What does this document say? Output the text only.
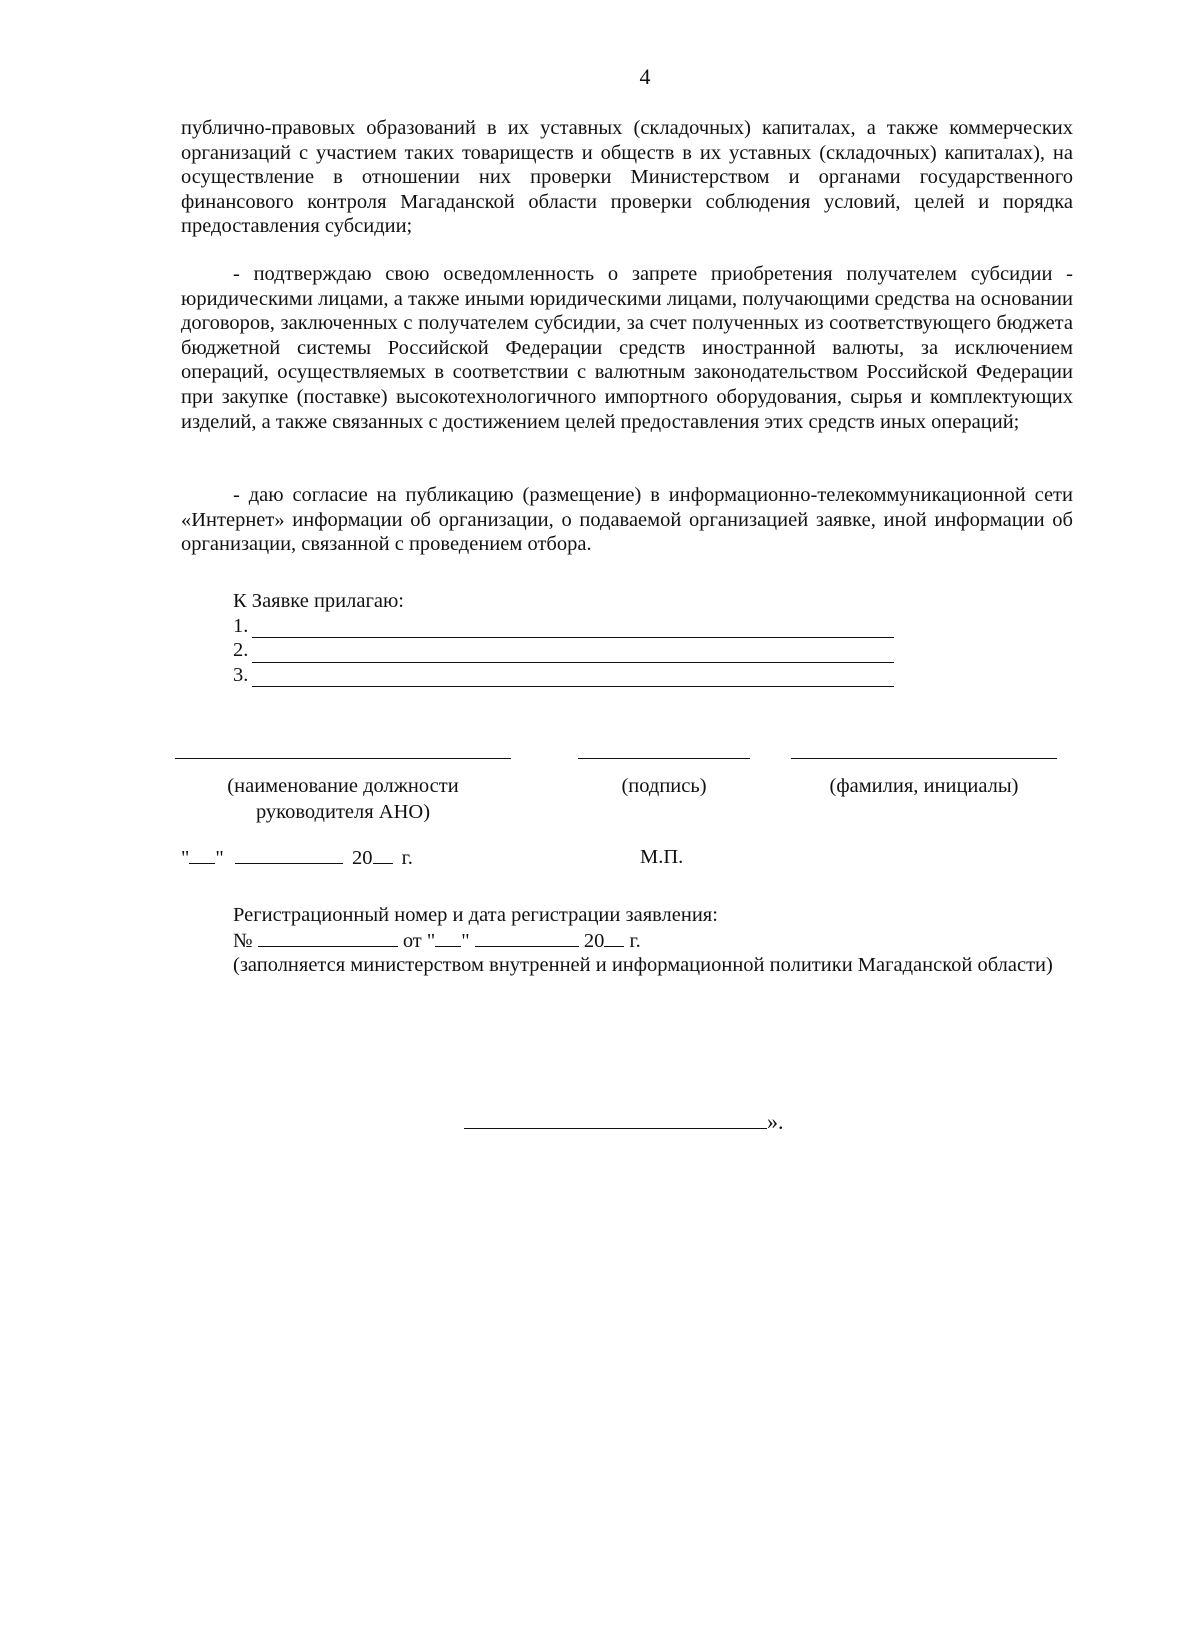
4

публично-правовых образований в их уставных (складочных) капиталах, а также коммерческих организаций с участием таких товариществ и обществ в их уставных (складочных) капиталах), на осуществление в отношении них проверки Министерством и органами государственного финансового контроля Магаданской области проверки соблюдения условий, целей и порядка предоставления субсидии;

- подтверждаю свою осведомленность о запрете приобретения получателем субсидии - юридическими лицами, а также иными юридическими лицами, получающими средства на основании договоров, заключенных с получателем субсидии, за счет полученных из соответствующего бюджета бюджетной системы Российской Федерации средств иностранной валюты, за исключением операций, осуществляемых в соответствии с валютным законодательством Российской Федерации при закупке (поставке) высокотехнологичного импортного оборудования, сырья и комплектующих изделий, а также связанных с достижением целей предоставления этих средств иных операций;

- даю согласие на публикацию (размещение) в информационно-телекоммуникационной сети «Интернет» информации об организации, о подаваемой организацией заявке, иной информации об организации, связанной с проведением отбора.

К Заявке прилагаю:
1.
2.
3.
(наименование должности
руководителя АНО)
(подпись)	(фамилия, инициалы)
" "	20 г.	М.П.

Регистрационный номер и дата регистрации заявления:

№	от " "	20 г.

(заполняется министерством внутренней и информационной политики Магаданской области)

».
